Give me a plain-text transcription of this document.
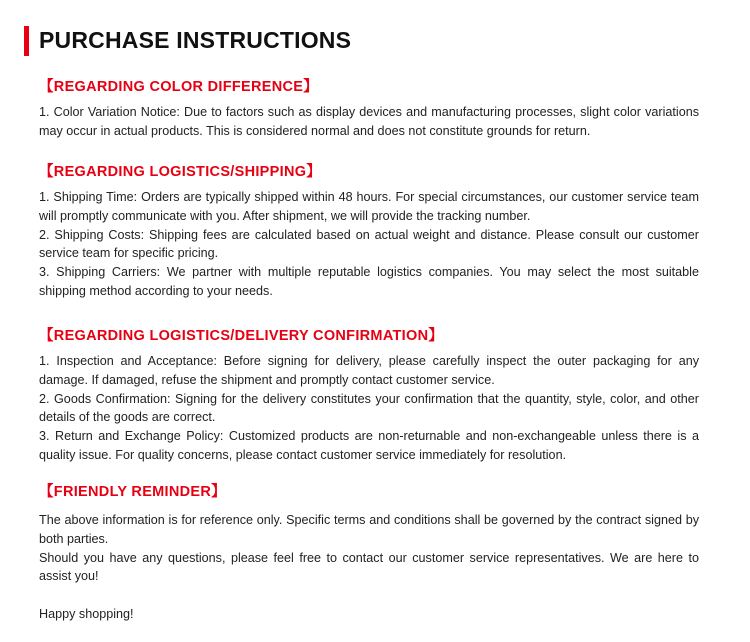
PURCHASE INSTRUCTIONS
【REGARDING COLOR DIFFERENCE】

1. Color Variation Notice: Due to factors such as display devices and manufacturing processes, slight color variations may occur in actual products. This is considered normal and does not constitute grounds for return.

【REGARDING LOGISTICS/SHIPPING】

1. Shipping Time: Orders are typically shipped within 48 hours. For special circumstances, our customer service team will promptly communicate with you. After shipment, we will provide the tracking number.

2. Shipping Costs: Shipping fees are calculated based on actual weight and distance. Please consult our customer service team for specific pricing.

3. Shipping Carriers: We partner with multiple reputable logistics companies. You may select the most suitable shipping method according to your needs.

【REGARDING LOGISTICS/DELIVERY CONFIRMATION】

1. Inspection and Acceptance: Before signing for delivery, please carefully inspect the outer packaging for any damage. If damaged, refuse the shipment and promptly contact customer service.

2. Goods Confirmation: Signing for the delivery constitutes your confirmation that the quantity, style, color, and other details of the goods are correct.

3. Return and Exchange Policy: Customized products are non-returnable and non-exchangeable unless there is a quality issue. For quality concerns, please contact customer service immediately for resolution.

【FRIENDLY REMINDER】

The above information is for reference only. Specific terms and conditions shall be governed by the contract signed by both parties.

Should you have any questions, please feel free to contact our customer service representatives. We are here to assist you!

Happy shopping!
